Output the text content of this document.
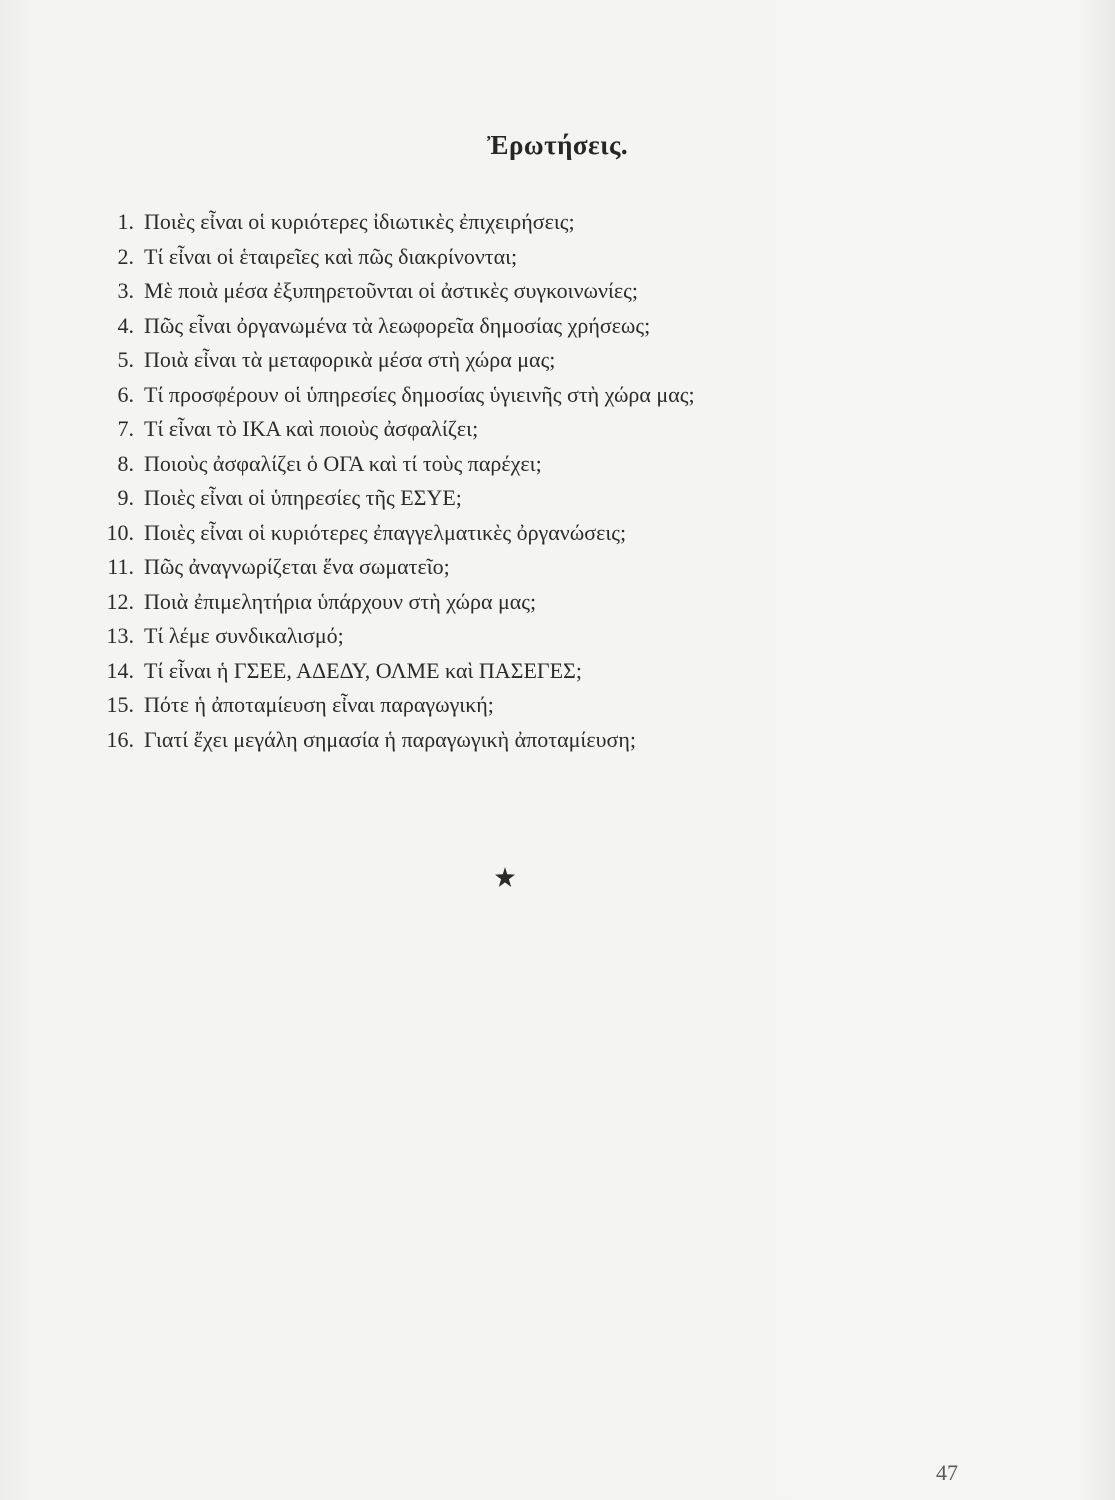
Ἐρωτήσεις.
1. Ποιὲς εἶναι οἱ κυριότερες ἰδιωτικὲς ἐπιχειρήσεις;
2. Τί εἶναι οἱ ἑταιρεῖες καὶ πῶς διακρίνονται;
3. Μὲ ποιὰ μέσα ἐξυπηρετοῦνται οἱ ἀστικὲς συγκοινωνίες;
4. Πῶς εἶναι ὀργανωμένα τὰ λεωφορεῖα δημοσίας χρήσεως;
5. Ποιὰ εἶναι τὰ μεταφορικὰ μέσα στὴ χώρα μας;
6. Τί προσφέρουν οἱ ὑπηρεσίες δημοσίας ὑγιεινῆς στὴ χώρα μας;
7. Τί εἶναι τὸ ΙΚΑ καὶ ποιοὺς ἀσφαλίζει;
8. Ποιοὺς ἀσφαλίζει ὁ ΟΓΑ καὶ τί τοὺς παρέχει;
9. Ποιὲς εἶναι οἱ ὑπηρεσίες τῆς ΕΣΥΕ;
10. Ποιὲς εἶναι οἱ κυριότερες ἐπαγγελματικὲς ὀργανώσεις;
11. Πῶς ἀναγνωρίζεται ἕνα σωματεῖο;
12. Ποιὰ ἐπιμελητήρια ὑπάρχουν στὴ χώρα μας;
13. Τί λέμε συνδικαλισμό;
14. Τί εἶναι ἡ ΓΣΕΕ, ΑΔΕΔΥ, ΟΛΜΕ καὶ ΠΑΣΕΓΕΣ;
15. Πότε ἡ ἀποταμίευση εἶναι παραγωγική;
16. Γιατί ἔχει μεγάλη σημασία ἡ παραγωγικὴ ἀποταμίευση;
47
